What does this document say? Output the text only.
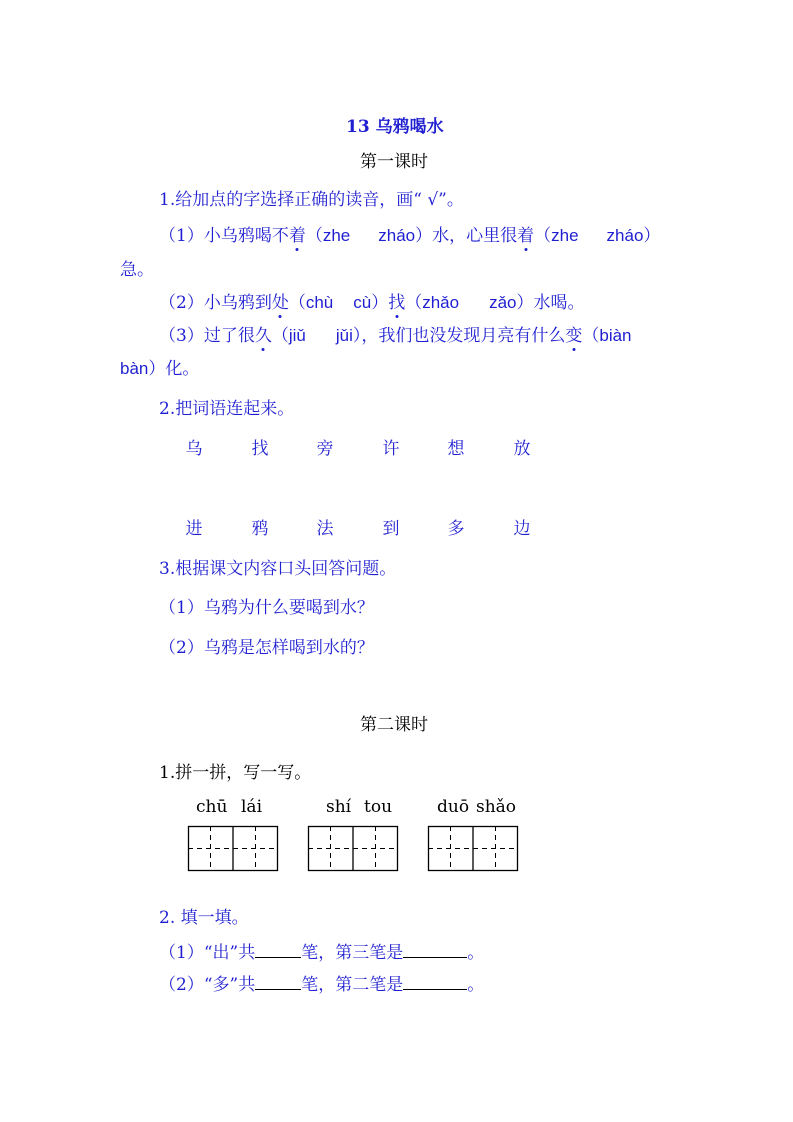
13 乌鸦喝水
第一课时
1.给加点的字选择正确的读音，画“ √”。
（1）小乌鸦喝不着（zhe zháo）水，心里很着（zhe zháo）
急。
（2）小乌鸦到处（chù cù）找（zhǎo zǎo）水喝。
（3）过了很久（jiǔ jǔi），我们也没发现月亮有什么变（biàn
bàn）化。
2.把词语连起来。
乌	找	旁	许	想	放
进	鸦	法	到	多	边
3.根据课文内容口头回答问题。
（1）乌鸦为什么要喝到水？
（2）乌鸦是怎样喝到水的？
第二课时
1.拼一拼，写一写。
chū lái	shí tou	duō shǎo
2. 填一填。
（1）“出”共	笔，第三笔是	。
（2）“多”共	笔，第二笔是	。
